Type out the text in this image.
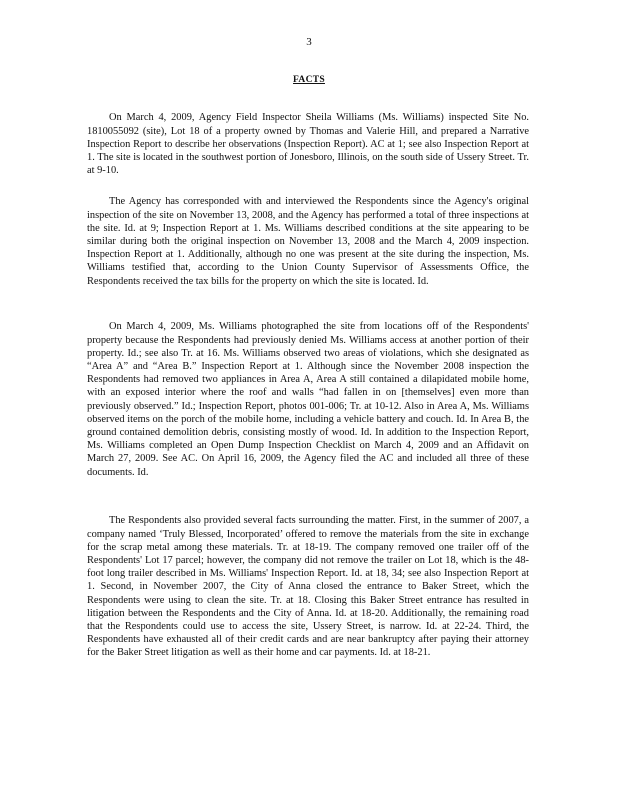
3
FACTS

On March 4, 2009, Agency Field Inspector Sheila Williams (Ms. Williams) inspected Site No. 1810055092 (site), Lot 18 of a property owned by Thomas and Valerie Hill, and prepared a Narrative Inspection Report to describe her observations (Inspection Report). AC at 1; see also Inspection Report at 1. The site is located in the southwest portion of Jonesboro, Illinois, on the south side of Ussery Street. Tr. at 9-10.

The Agency has corresponded with and interviewed the Respondents since the Agency's original inspection of the site on November 13, 2008, and the Agency has performed a total of three inspections at the site. Id. at 9; Inspection Report at 1. Ms. Williams described conditions at the site appearing to be similar during both the original inspection on November 13, 2008 and the March 4, 2009 inspection. Inspection Report at 1. Additionally, although no one was present at the site during the inspection, Ms. Williams testified that, according to the Union County Supervisor of Assessments Office, the Respondents received the tax bills for the property on which the site is located. Id.

On March 4, 2009, Ms. Williams photographed the site from locations off of the Respondents' property because the Respondents had previously denied Ms. Williams access at another portion of their property. Id.; see also Tr. at 16. Ms. Williams observed two areas of violations, which she designated as “Area A” and “Area B.” Inspection Report at 1. Although since the November 2008 inspection the Respondents had removed two appliances in Area A, Area A still contained a dilapidated mobile home, with an exposed interior where the roof and walls “had fallen in on [themselves] even more than previously observed.” Id.; Inspection Report, photos 001-006; Tr. at 10-12. Also in Area A, Ms. Williams observed items on the porch of the mobile home, including a vehicle battery and couch. Id. In Area B, the ground contained demolition debris, consisting mostly of wood. Id. In addition to the Inspection Report, Ms. Williams completed an Open Dump Inspection Checklist on March 4, 2009 and an Affidavit on March 27, 2009. See AC. On April 16, 2009, the Agency filed the AC and included all three of these documents. Id.

The Respondents also provided several facts surrounding the matter. First, in the summer of 2007, a company named ‘Truly Blessed, Incorporated’ offered to remove the materials from the site in exchange for the scrap metal among these materials. Tr. at 18-19. The company removed one trailer off of the Respondents' Lot 17 parcel; however, the company did not remove the trailer on Lot 18, which is the 48-foot long trailer described in Ms. Williams' Inspection Report. Id. at 18, 34; see also Inspection Report at 1. Second, in November 2007, the City of Anna closed the entrance to Baker Street, which the Respondents were using to clean the site. Tr. at 18. Closing this Baker Street entrance has resulted in litigation between the Respondents and the City of Anna. Id. at 18-20. Additionally, the remaining road that the Respondents could use to access the site, Ussery Street, is narrow. Id. at 22-24. Third, the Respondents have exhausted all of their credit cards and are near bankruptcy after paying their attorney for the Baker Street litigation as well as their home and car payments. Id. at 18-21.
